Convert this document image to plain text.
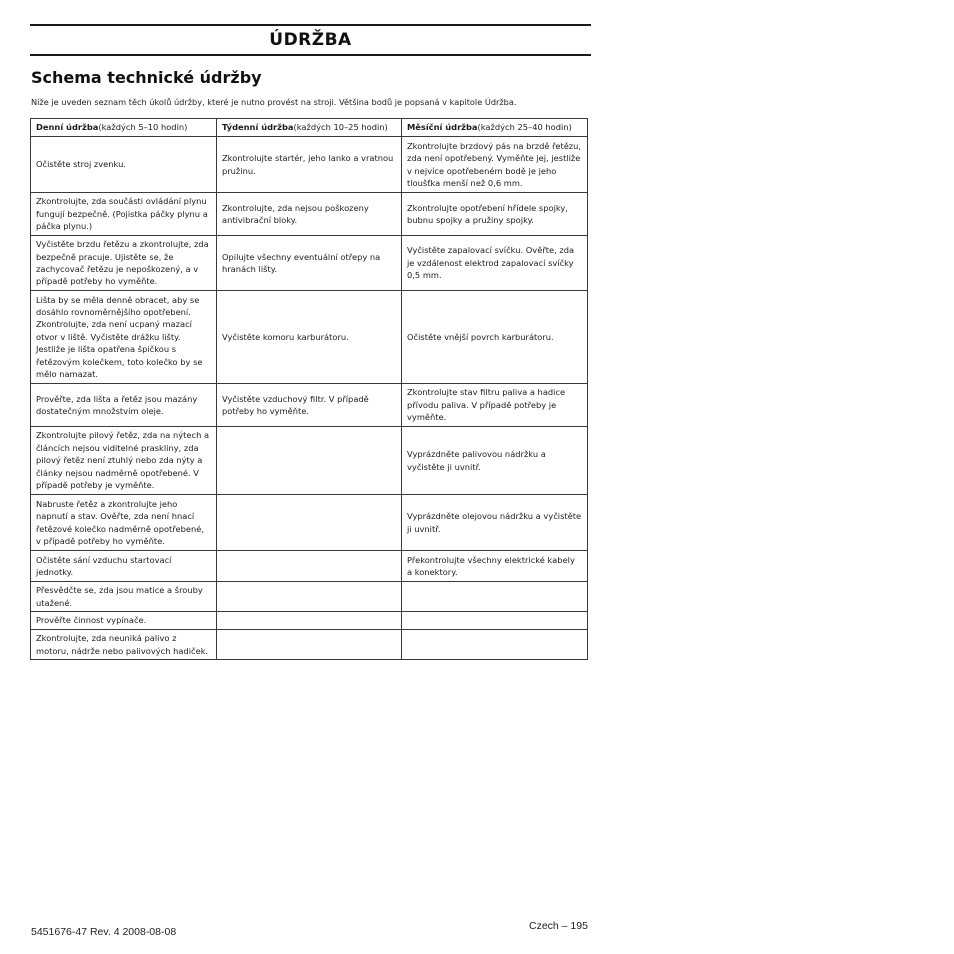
ÚDRŽBA
Schema technické údržby
Níže je uveden seznam těch úkolů údržby, které je nutno provést na stroji. Většina bodů je popsaná v kapitole Údržba.
Denní údržba(každých 5–10 hodin)	Týdenní údržba(každých 10–25 hodin)	Měsíční údržba(každých 25–40 hodin)
Očistěte stroj zvenku.	Zkontrolujte startér, jeho lanko a vratnou pružinu.	Zkontrolujte brzdový pás na brzdě řetězu, zda není opotřebený. Vyměňte jej, jestliže v nejvíce opotřebeném bodě je jeho tloušťka menší než 0,6 mm.
Zkontrolujte, zda součásti ovládání plynu fungují bezpečně. (Pojistka páčky plynu a páčka plynu.)	Zkontrolujte, zda nejsou poškozeny antivibrační bloky.	Zkontrolujte opotřebení hřídele spojky, bubnu spojky a pružiny spojky.
Vyčistěte brzdu řetězu a zkontrolujte, zda bezpečně pracuje. Ujistěte se, že zachycovač řetězu je nepoškozený, a v případě potřeby ho vyměňte.	Opilujte všechny eventuální otřepy na hranách lišty.	Vyčistěte zapalovací svíčku. Ověřte, zda je vzdálenost elektrod zapalovací svíčky 0,5 mm.
Lišta by se měla denně obracet, aby se dosáhlo rovnoměrnějšího opotřebení. Zkontrolujte, zda není ucpaný mazací otvor v liště. Vyčistěte drážku lišty. Jestliže je lišta opatřena špičkou s řetězovým kolečkem, toto kolečko by se mělo namazat.	Vyčistěte komoru karburátoru.	Očistěte vnější povrch karburátoru.
Prověřte, zda lišta a řetěz jsou mazány dostatečným množstvím oleje.	Vyčistěte vzduchový filtr. V případě potřeby ho vyměňte.	Zkontrolujte stav filtru paliva a hadice přívodu paliva. V případě potřeby je vyměňte.
Zkontrolujte pilový řetěz, zda na nýtech a článcích nejsou viditelné praskliny, zda pilový řetěz není ztuhlý nebo zda nýty a články nejsou nadměrně opotřebené. V případě potřeby je vyměňte.		Vyprázdněte palivovou nádržku a vyčistěte ji uvnitř.
Nabruste řetěz a zkontrolujte jeho napnutí a stav. Ověřte, zda není hnací řetězové kolečko nadměrně opotřebené, v případě potřeby ho vyměňte.		Vyprázdněte olejovou nádržku a vyčistěte ji uvnitř.
Očistěte sání vzduchu startovací jednotky.		Překontrolujte všechny elektrické kabely a konektory.
Přesvědčte se, zda jsou matice a šrouby utažené.		
Prověřte činnost vypínače.		
Zkontrolujte, zda neuniká palivo z motoru, nádrže nebo palivových hadiček.		
5451676-47 Rev. 4 2008-08-08	Czech – 195
